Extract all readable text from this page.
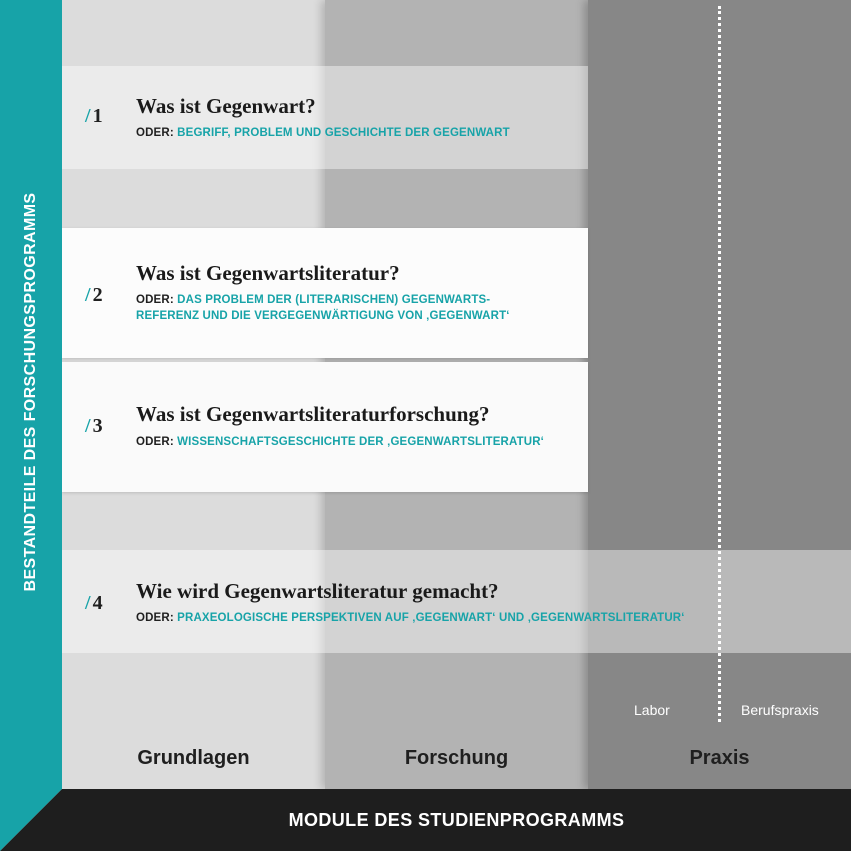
/ 1 Was ist Gegenwart?
ODER: BEGRIFF, PROBLEM UND GESCHICHTE DER GEGENWART
/ 2
Was ist Gegenwartsliteratur?
ODER: DAS PROBLEM DER (LITERARISCHEN) GEGENWARTS-
REFERENZ UND DIE VERGEGENWÄRTIGUNG VON ‚GEGENWART‘
/ 3 Was ist Gegenwartsliteraturforschung?
ODER: WISSENSCHAFTSGESCHICHTE DER ‚GEGENWARTSLITERATUR‘
/ 4 Wie wird Gegenwartsliteratur gemacht?
ODER: PRAXEOLOGISCHE PERSPEKTIVEN AUF ‚GEGENWART‘ UND ‚GEGENWARTSLITERATUR‘
Labor	Berufspraxis
Grundlagen	Forschung	Praxis
MODULE DES STUDIENPROGRAMMS
BESTANDTEILE DES FORSCHUNGSPROGRAMMS
